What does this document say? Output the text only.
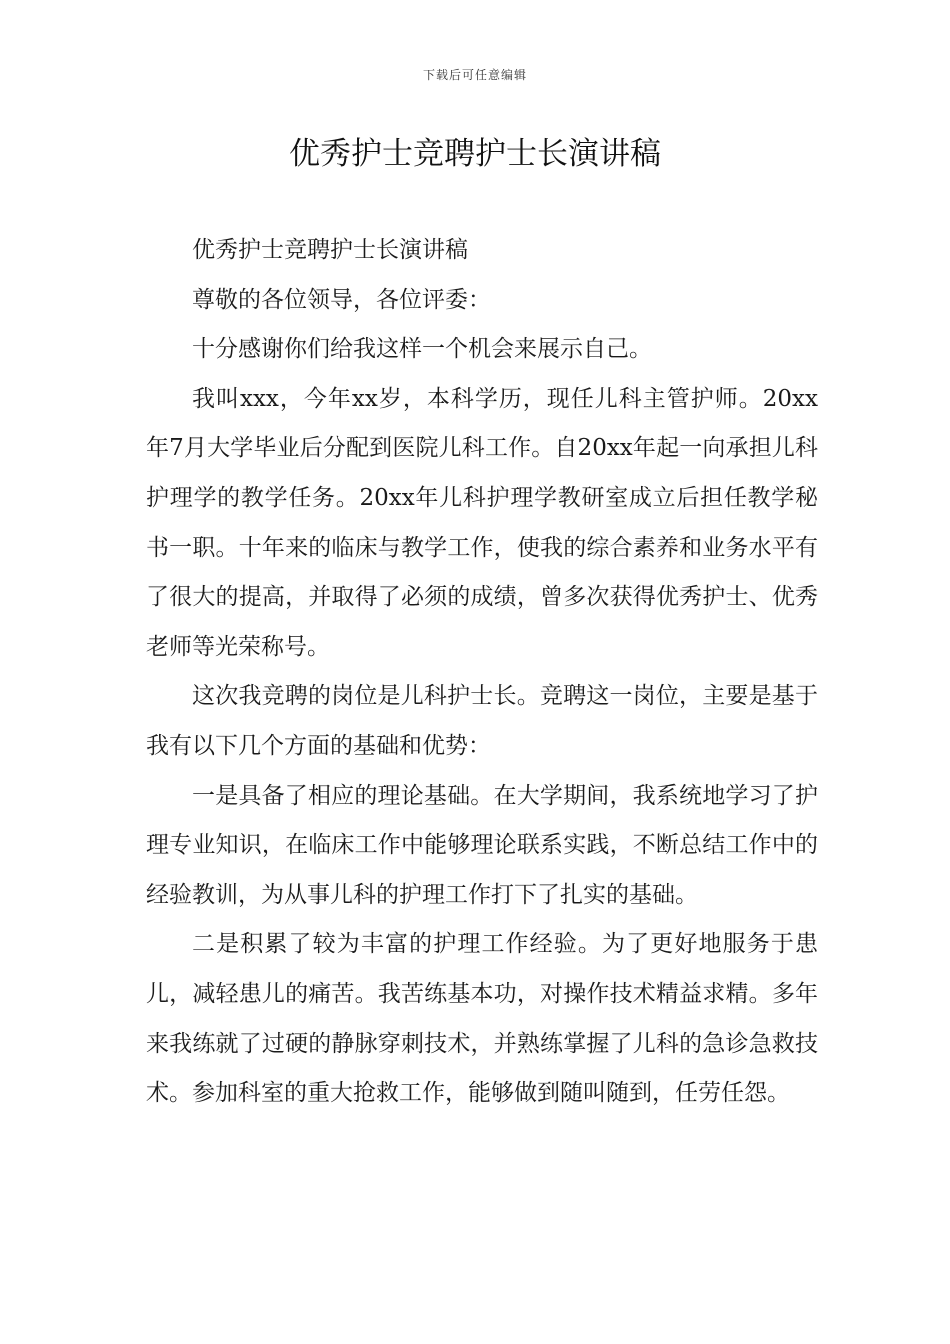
下载后可任意编辑
优秀护士竞聘护士长演讲稿

优秀护士竞聘护士长演讲稿

尊敬的各位领导，各位评委：

十分感谢你们给我这样一个机会来展示自己。

我叫xxx，今年xx岁，本科学历，现任儿科主管护师。20xx年7月大学毕业后分配到医院儿科工作。自20xx年起一向承担儿科护理学的教学任务。20xx年儿科护理学教研室成立后担任教学秘书一职。十年来的临床与教学工作，使我的综合素养和业务水平有了很大的提高，并取得了必须的成绩，曾多次获得优秀护士、优秀老师等光荣称号。

这次我竞聘的岗位是儿科护士长。竞聘这一岗位，主要是基于我有以下几个方面的基础和优势：

一是具备了相应的理论基础。在大学期间，我系统地学习了护理专业知识，在临床工作中能够理论联系实践，不断总结工作中的经验教训，为从事儿科的护理工作打下了扎实的基础。

二是积累了较为丰富的护理工作经验。为了更好地服务于患儿，减轻患儿的痛苦。我苦练基本功，对操作技术精益求精。多年来我练就了过硬的静脉穿刺技术，并熟练掌握了儿科的急诊急救技术。参加科室的重大抢救工作，能够做到随叫随到，任劳任怨。
